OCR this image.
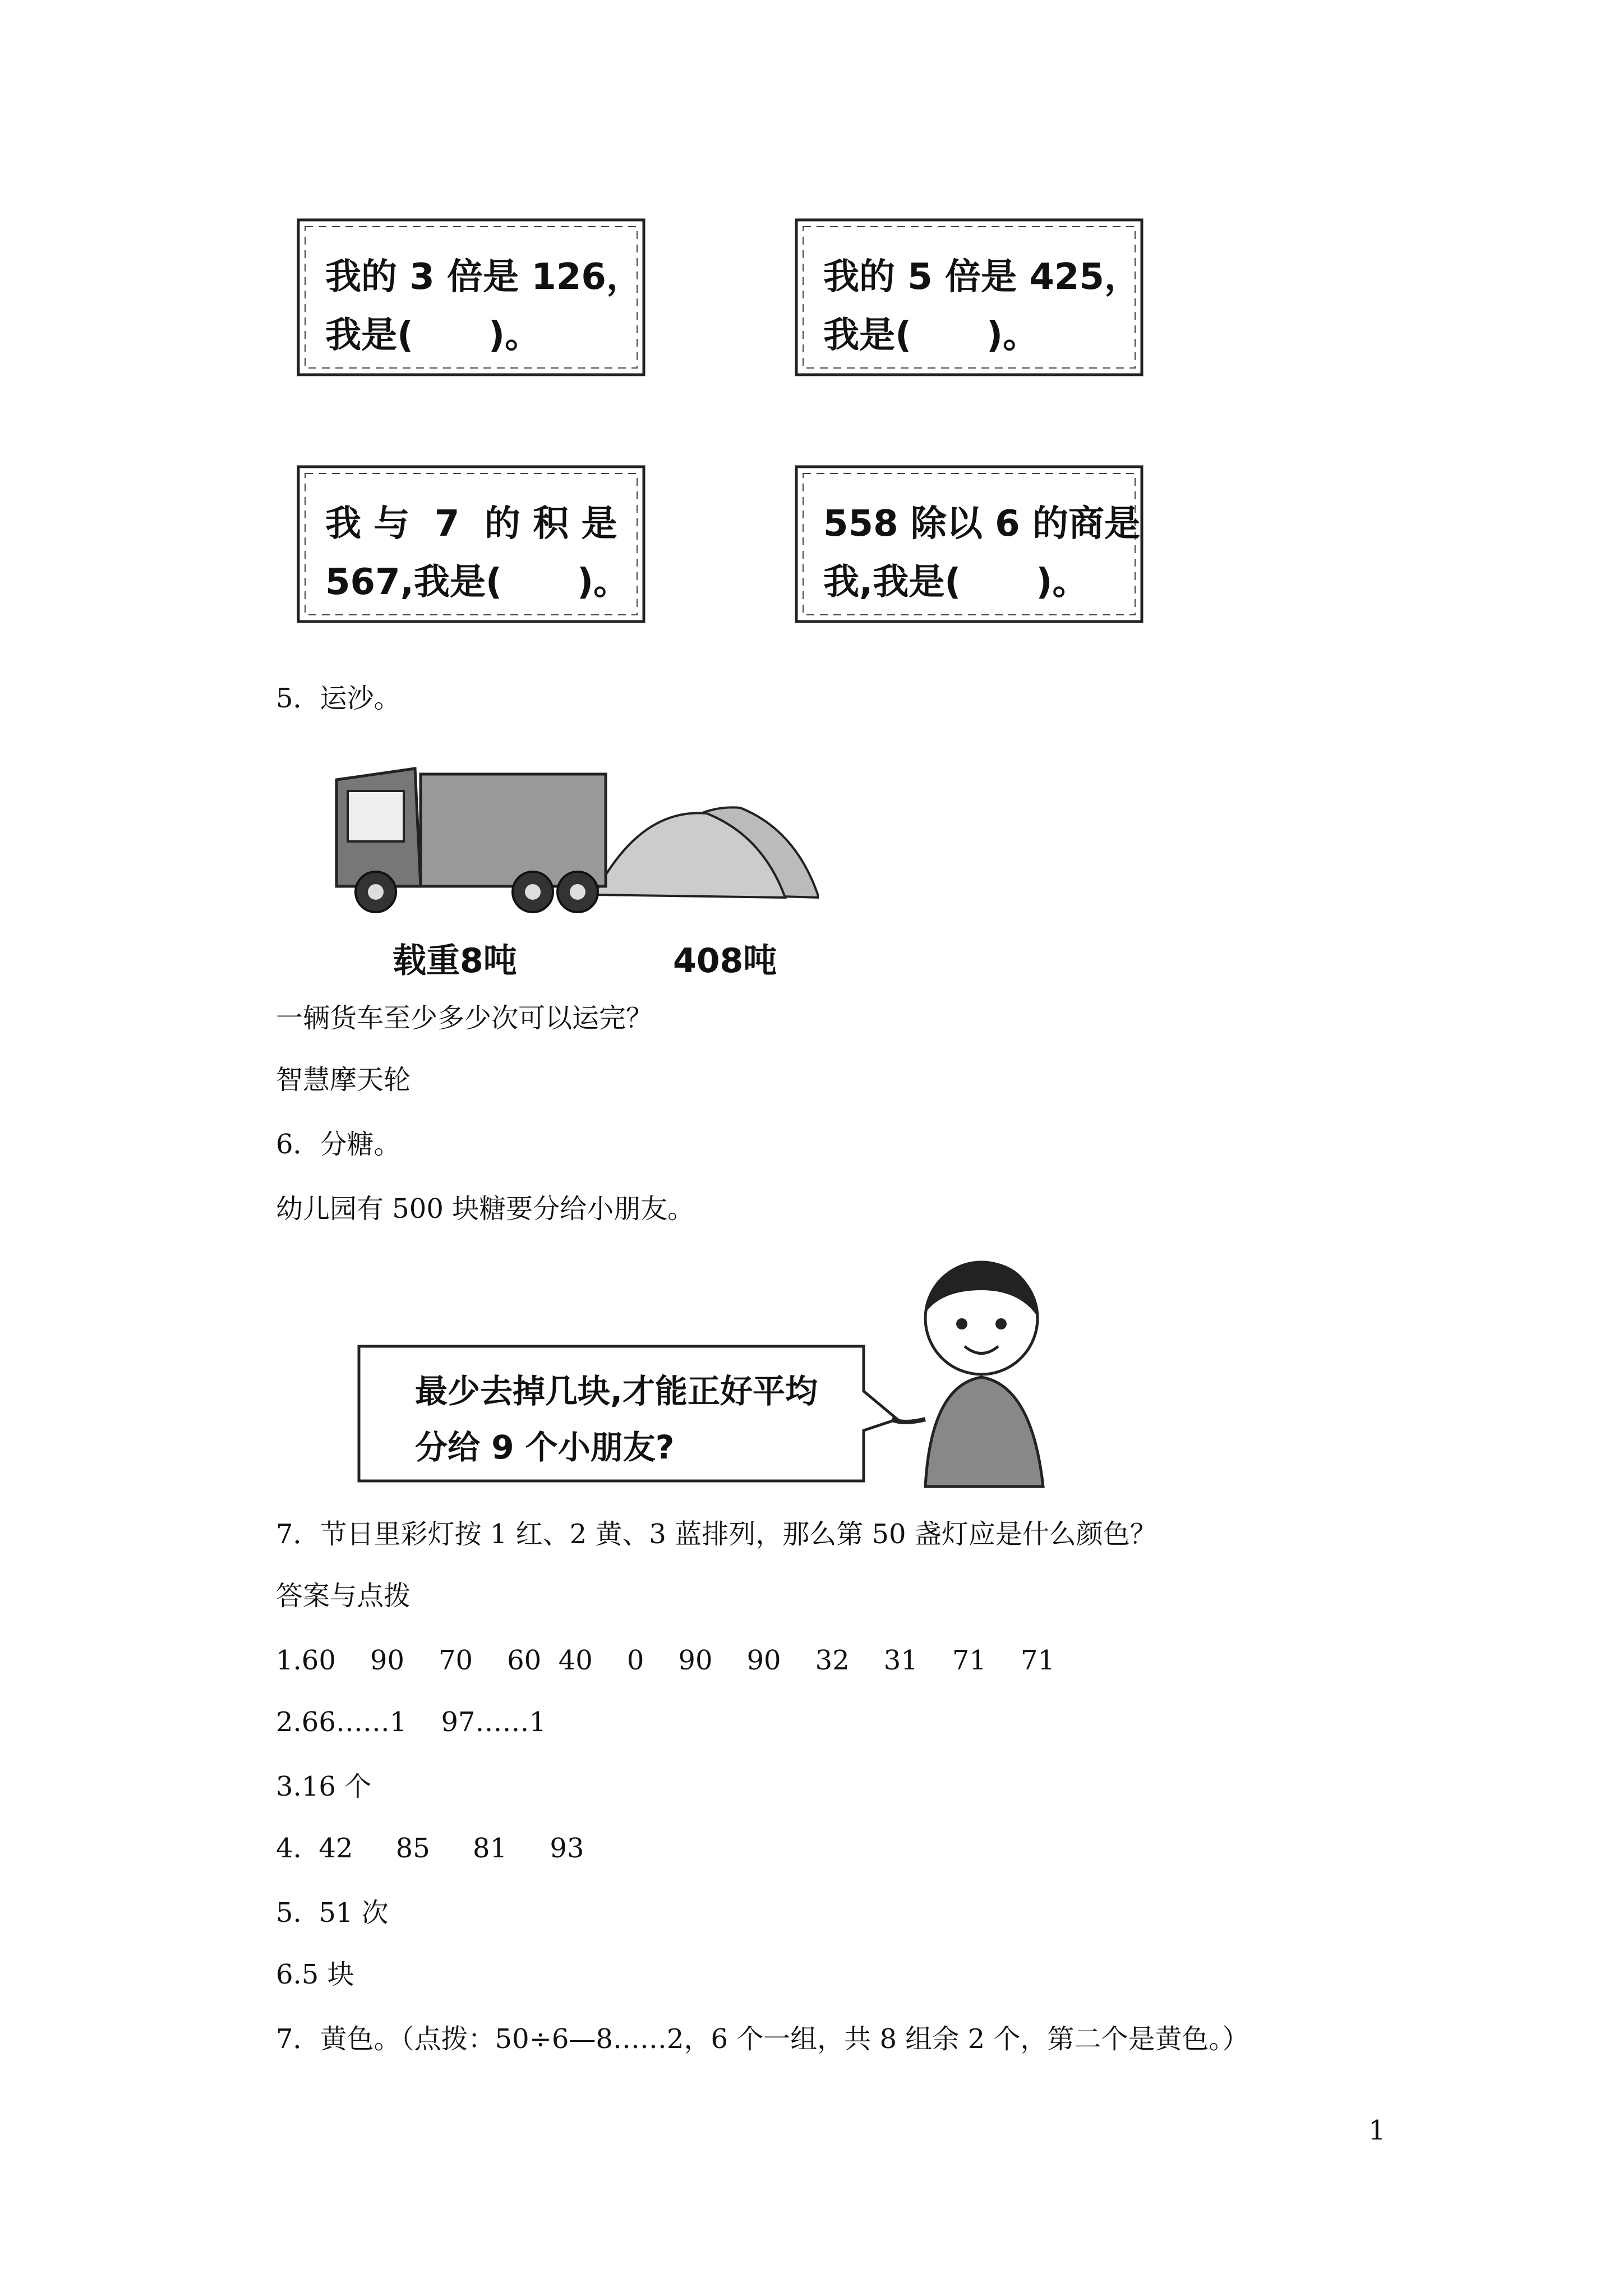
我的 3 倍是 126，
我是(      )。
我的 5 倍是 425，
我是(      )。
我 与  7  的 积 是
567,我是(      )。
558 除以 6 的商是
我,我是(      )。
5．运沙。
载重8吨	408吨
一辆货车至少多少次可以运完？
智慧摩天轮
6．分糖。
幼儿园有 500 块糖要分给小朋友。
最少去掉几块,才能正好平均
分给 9 个小朋友?
7．节日里彩灯按 1 红、2 黄、3 蓝排列，那么第 50 盏灯应是什么颜色？
答案与点拨
1.60    90    70    60  40    0    90    90    32    31    71    71
2.66……1    97……1
3.16 个
4.  42     85     81     93
5.  51 次
6.5 块
7．黄色。（点拨：50÷6—8……2，6 个一组，共 8 组余 2 个，第二个是黄色。）
1
